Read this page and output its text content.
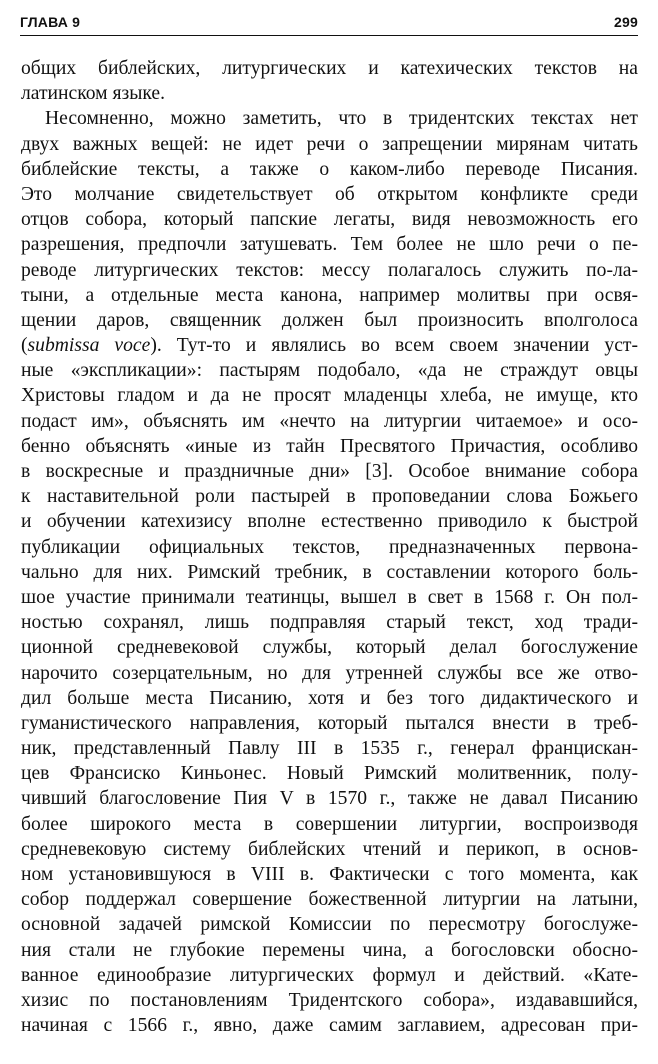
ГЛАВА 9	299
общих библейских, литургических и катехических текстов на
латинском языке.
Несомненно, можно заметить, что в тридентских текстах нет
двух важных вещей: не идет речи о запрещении мирянам читать
библейские тексты, а также о каком-либо переводе Писания.
Это молчание свидетельствует об открытом конфликте среди
отцов собора, который папские легаты, видя невозможность его
разрешения, предпочли затушевать. Тем более не шло речи о пе-
реводе литургических текстов: мессу полагалось служить по-ла-
тыни, а отдельные места канона, например молитвы при освя-
щении даров, священник должен был произносить вполголоса
(submissa voce). Тут-то и являлись во всем своем значении уст-
ные «экспликации»: пастырям подобало, «да не страждут овцы
Христовы гладом и да не просят младенцы хлеба, не имуще, кто
подаст им», объяснять им «нечто на литургии читаемое» и осо-
бенно объяснять «иные из тайн Пресвятого Причастия, особливо
в воскресные и праздничные дни» [3]. Особое внимание собора
к наставительной роли пастырей в проповедании слова Божьего
и обучении катехизису вполне естественно приводило к быстрой
публикации официальных текстов, предназначенных первона-
чально для них. Римский требник, в составлении которого боль-
шое участие принимали театинцы, вышел в свет в 1568 г. Он пол-
ностью сохранял, лишь подправляя старый текст, ход тради-
ционной средневековой службы, который делал богослужение
нарочито созерцательным, но для утренней службы все же отво-
дил больше места Писанию, хотя и без того дидактического и
гуманистического направления, который пытался внести в треб-
ник, представленный Павлу III в 1535 г., генерал францискан-
цев Франсиско Киньонес. Новый Римский молитвенник, полу-
чивший благословение Пия V в 1570 г., также не давал Писанию
более широкого места в совершении литургии, воспроизводя
средневековую систему библейских чтений и перикоп, в основ-
ном установившуюся в VIII в. Фактически с того момента, как
собор поддержал совершение божественной литургии на латыни,
основной задачей римской Комиссии по пересмотру богослуже-
ния стали не глубокие перемены чина, а богословски обосно-
ванное единообразие литургических формул и действий. «Кате-
хизис по постановлениям Тридентского собора», издававшийся,
начиная с 1566 г., явно, даже самим заглавием, адресован при-
